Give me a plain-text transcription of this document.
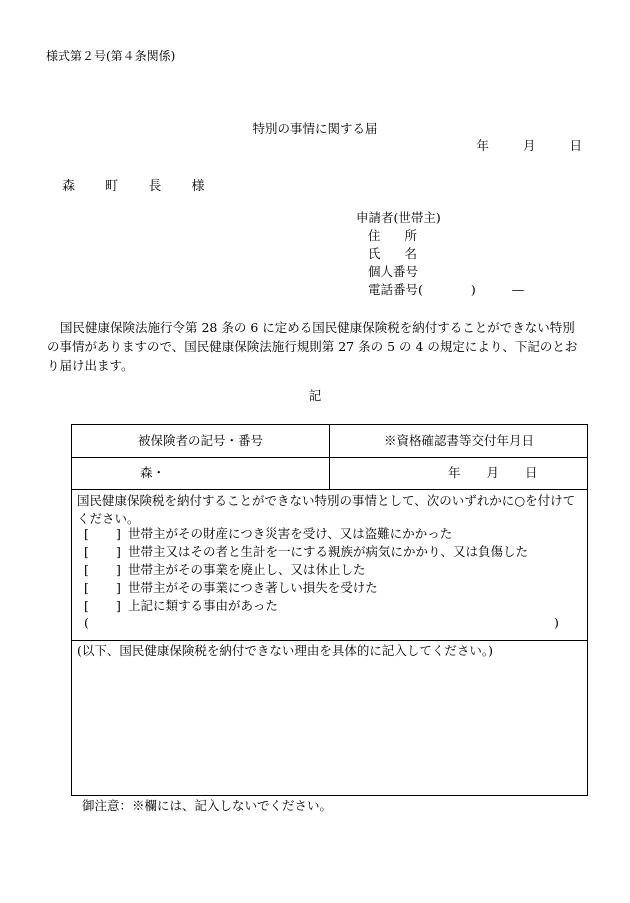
様式第２号(第４条関係)
特別の事情に関する届
年	月	日
森 町 長 様
申請者(世帯主)
住 所
氏 名
個人番号
電話番号(	)	—
国民健康保険法施行令第 28 条の 6 に定める国民健康保険税を納付することができない特別の事情がありますので、国民健康保険法施行規則第 27 条の 5 の 4 の規定により、下記のとおり届け出ます。
記
被保険者の記号・番号	※資格確認書等交付年月日
森・	年 月 日
国民健康保険税を納付することができない特別の事情として、次のいずれかに○を付けてください。
[ ] 世帯主がその財産につき災害を受け、又は盗難にかかった
[ ] 世帯主又はその者と生計を一にする親族が病気にかかり、又は負傷した
[ ] 世帯主がその事業を廃止し、又は休止した
[ ] 世帯主がその事業につき著しい損失を受けた
[ ] 上記に類する事由があった
(	)
(以下、国民健康保険税を納付できない理由を具体的に記入してください。)
御注意：※欄には、記入しないでください。
